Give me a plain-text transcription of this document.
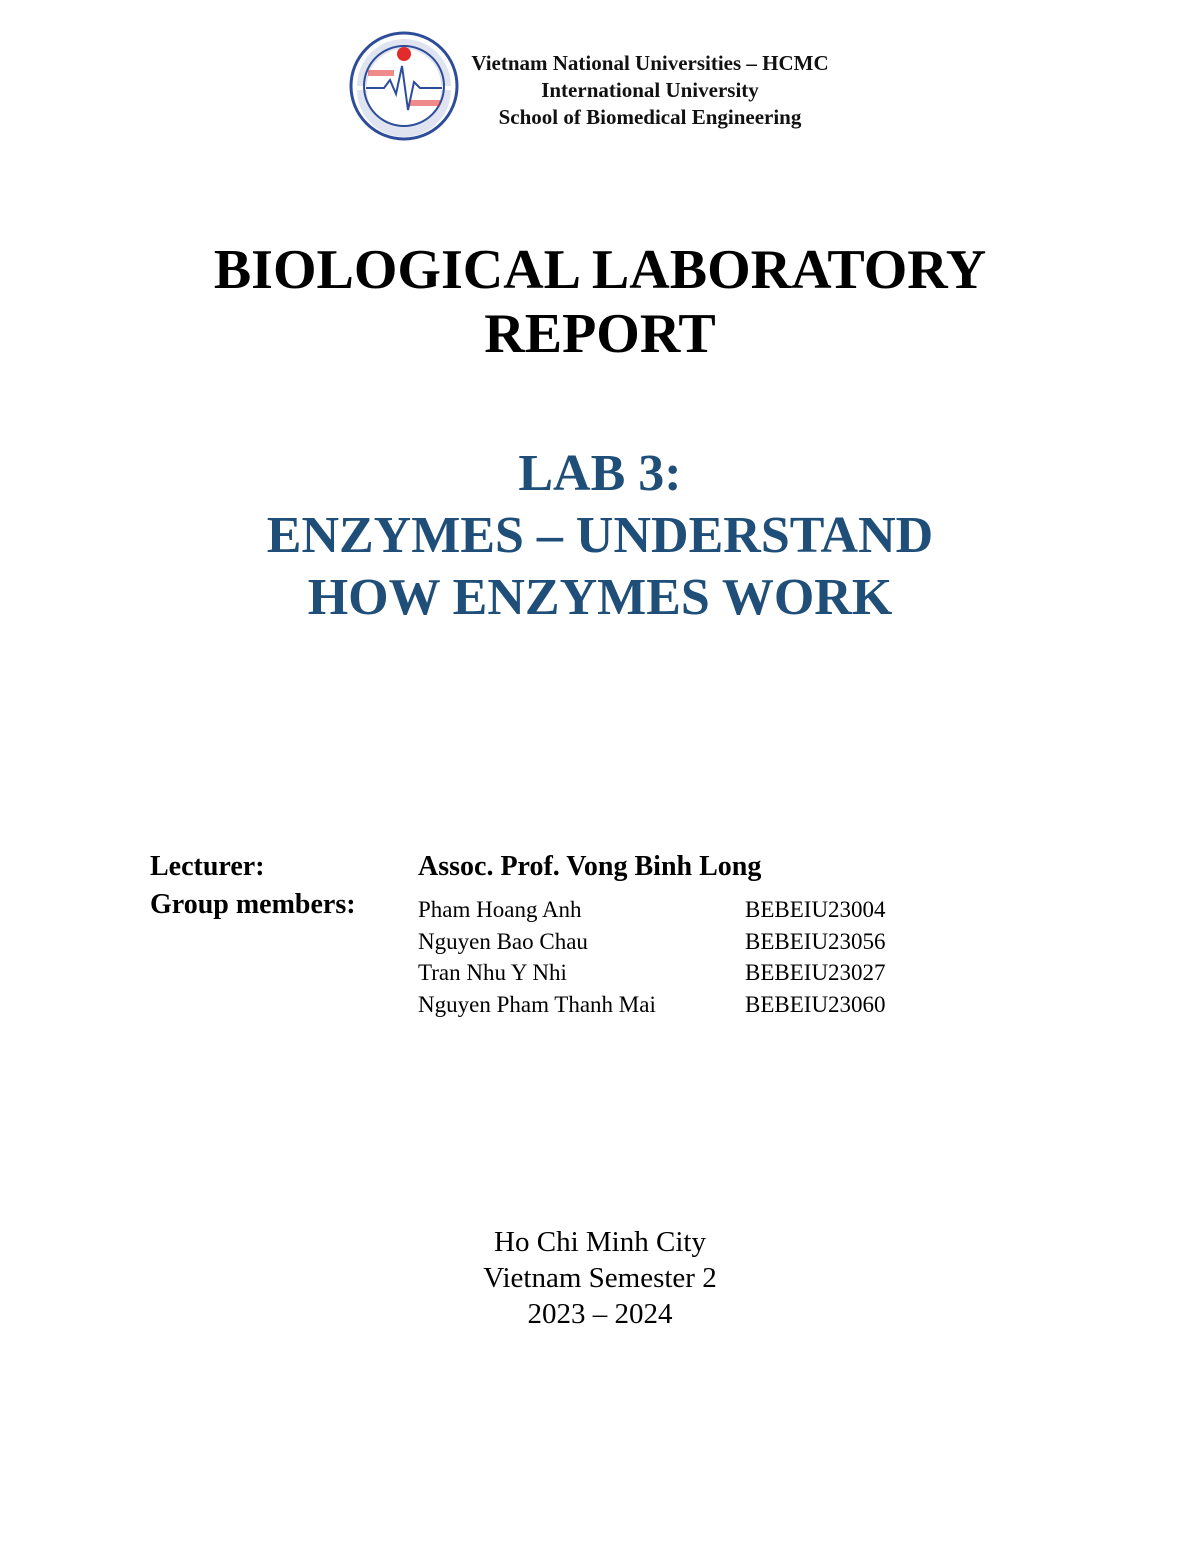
Vietnam National Universities – HCMC
International University
School of Biomedical Engineering
BIOLOGICAL LABORATORY
REPORT
LAB 3:
ENZYMES – UNDERSTAND
HOW ENZYMES WORK
Lecturer:	Assoc. Prof. Vong Binh Long
Group members:	Pham Hoang Anh	BEBEIU23004
Nguyen Bao Chau	BEBEIU23056
Tran Nhu Y Nhi	BEBEIU23027
Nguyen Pham Thanh Mai	BEBEIU23060
Ho Chi Minh City
Vietnam Semester 2
2023 – 2024
